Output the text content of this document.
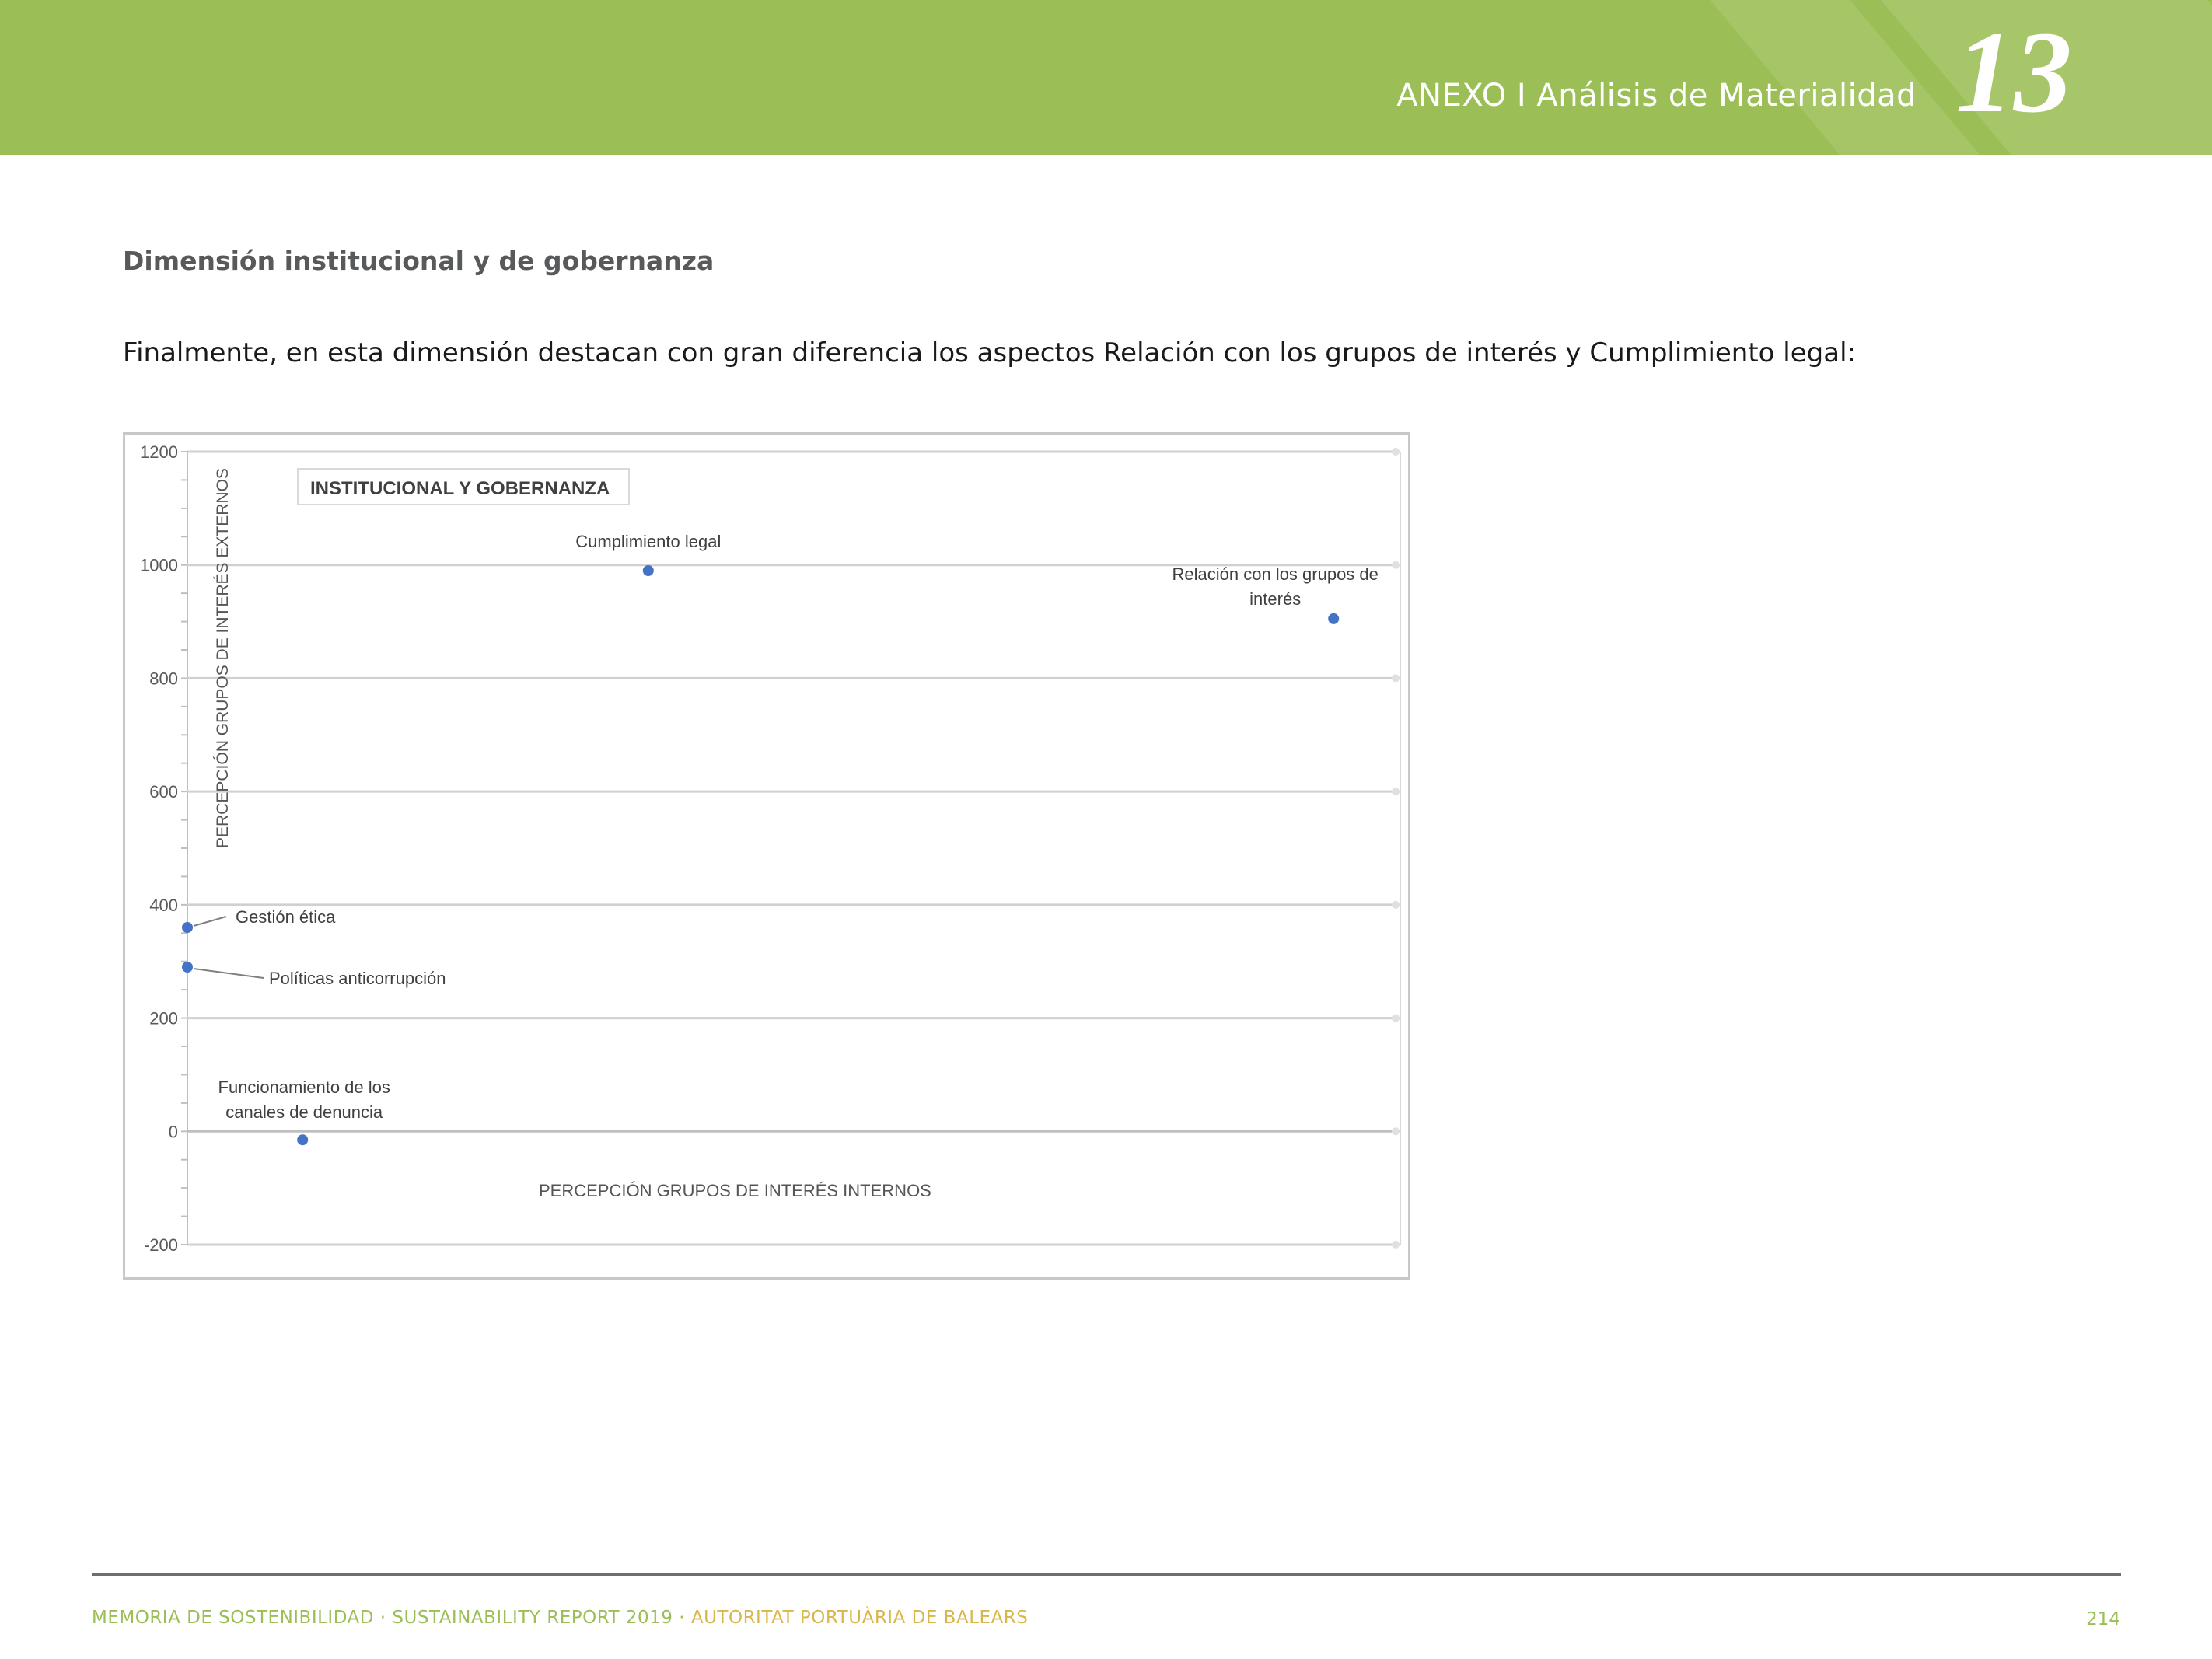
ANEXO I Análisis de Materialidad 13
Dimensión institucional y de gobernanza
Finalmente, en esta dimensión destacan con gran diferencia los aspectos Relación con los grupos de interés y Cumplimiento legal:
1200
1000
800
600
400
200
0
-200
INSTITUCIONAL Y GOBERNANZA
PERCEPCIÓN GRUPOS DE INTERÉS EXTERNOS
PERCEPCIÓN GRUPOS DE INTERÉS INTERNOS
Cumplimiento legal
Relación con los grupos de
interés
Gestión ética
Políticas anticorrupción
Funcionamiento de los
canales de denuncia
MEMORIA DE SOSTENIBILIDAD · SUSTAINABILITY REPORT 2019 · AUTORITAT PORTUÀRIA DE BALEARS	214
